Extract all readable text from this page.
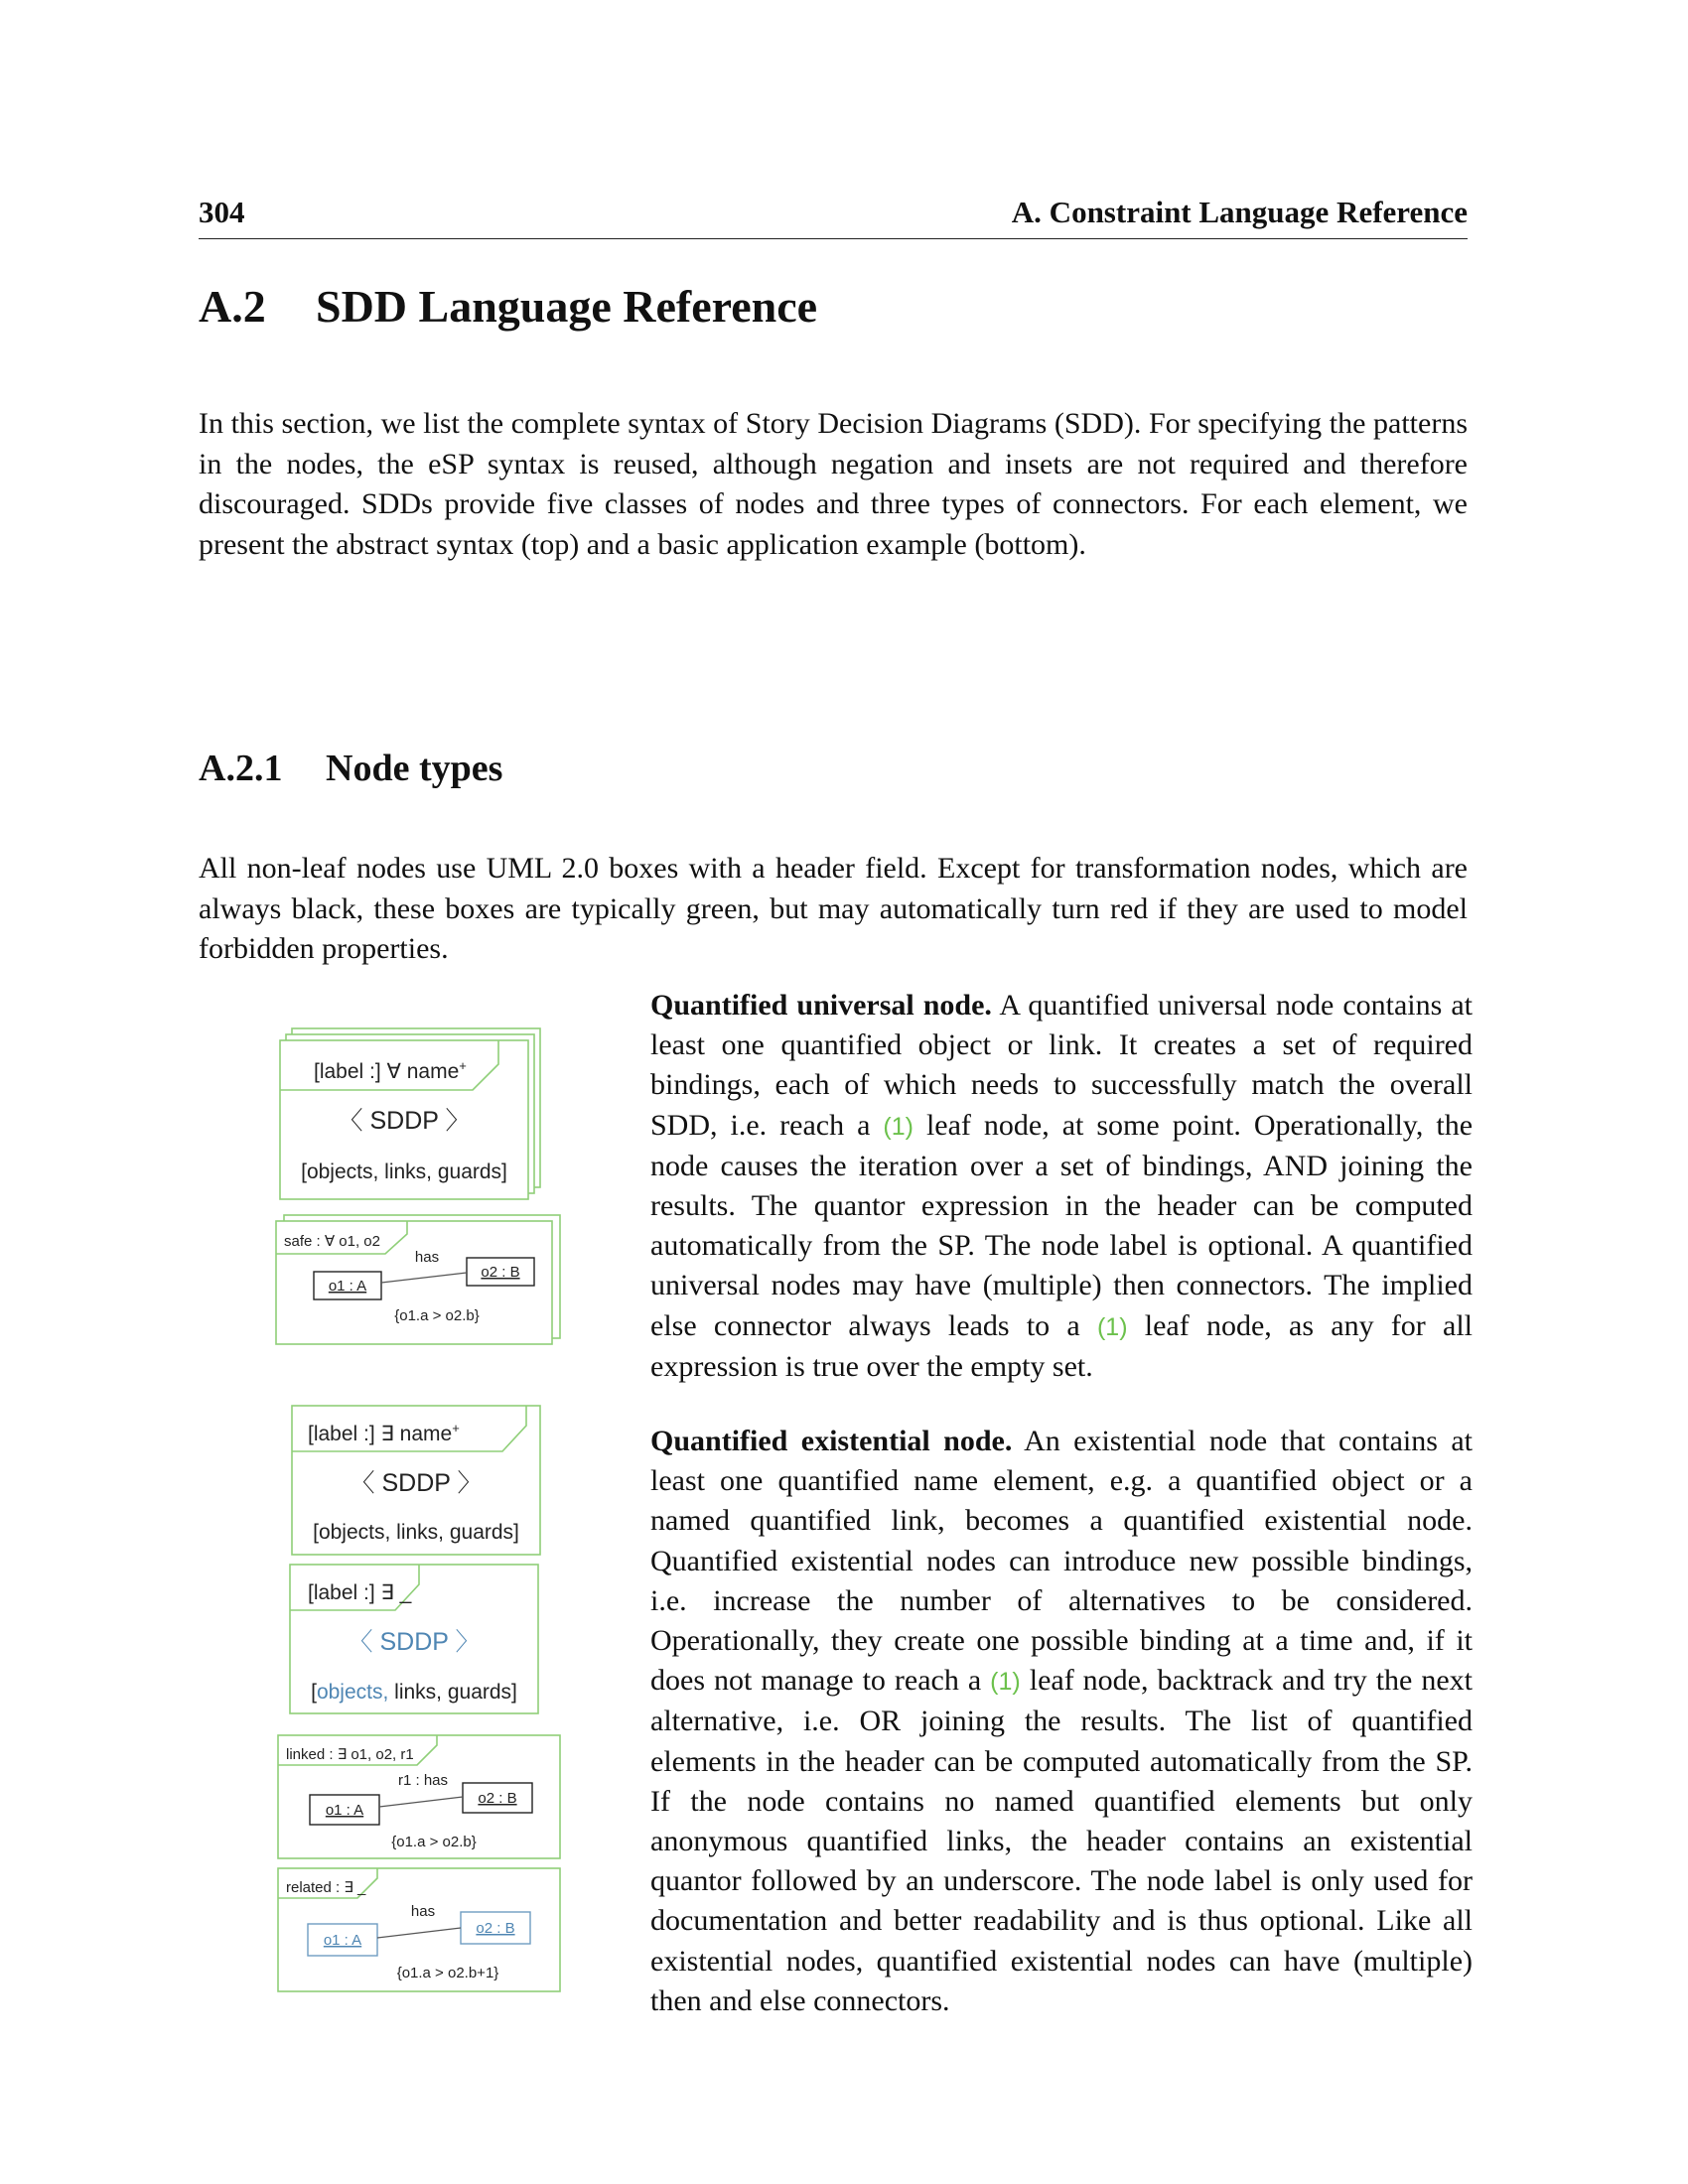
304	A. Constraint Language Reference
A.2 SDD Language Reference

In this section, we list the complete syntax of Story Decision Diagrams (SDD). For specifying the patterns in the nodes, the eSP syntax is reused, although negation and insets are not required and therefore discouraged. SDDs provide five classes of nodes and three types of connectors. For each element, we present the abstract syntax (top) and a basic application example (bottom).

A.2.1 Node types

All non-leaf nodes use UML 2.0 boxes with a header field. Except for transformation nodes, which are always black, these boxes are typically green, but may automatically turn red if they are used to model forbidden properties.

Quantified universal node. A quantified universal node contains at least one quantified object or link. It creates a set of required bindings, each of which needs to successfully match the overall SDD, i.e. reach a (1) leaf node, at some point. Operationally, the node causes the iteration over a set of bindings, AND joining the results. The quantor expression in the header can be computed automatically from the SP. The node label is optional. A quantified universal nodes may have (multiple) then connectors. The implied else connector always leads to a (1) leaf node, as any for all expression is true over the empty set.

Quantified existential node. An existential node that contains at least one quantified name element, e.g. a quantified object or a named quantified link, becomes a quantified existential node. Quantified existential nodes can introduce new possible bindings, i.e. increase the number of alternatives to be considered. Operationally, they create one possible binding at a time and, if it does not manage to reach a (1) leaf node, backtrack and try the next alternative, i.e. OR joining the results. The list of quantified elements in the header can be computed automatically from the SP. If the node contains no named quantified elements but only anonymous quantified links, the header contains an existential quantor followed by an underscore. The node label is only used for documentation and better readability and is thus optional. Like all existential nodes, quantified existential nodes can have (multiple) then and else connectors.

[label :] ∀ name+
〈 SDDP 〉
[objects, links, guards]
safe : ∀ o1, o2
o1 : A
o2 : B
has
{o1.a > o2.b}
[label :] ∃ name+
〈 SDDP 〉
[objects, links, guards]
[label :] ∃ _
〈 SDDP 〉
[objects, links, guards]
linked : ∃ o1, o2, r1
o1 : A
o2 : B
r1 : has
{o1.a > o2.b}
related : ∃ _
o1 : A
o2 : B
has
{o1.a > o2.b+1}
